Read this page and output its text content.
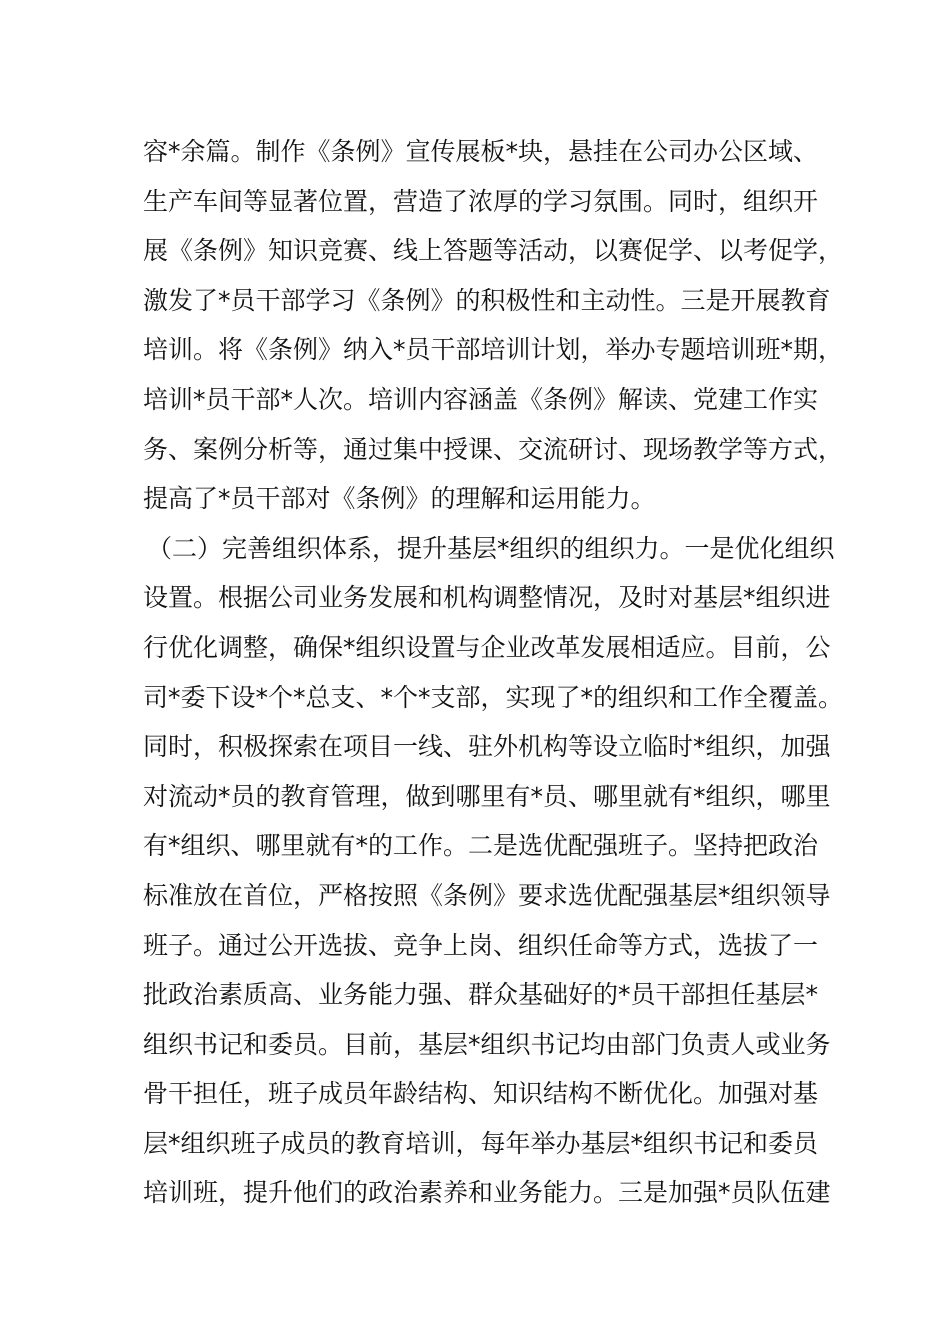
容*余篇。制作《条例》宣传展板*块，悬挂在公司办公区域、
生产车间等显著位置，营造了浓厚的学习氛围。同时，组织开
展《条例》知识竞赛、线上答题等活动，以赛促学、以考促学，
激发了*员干部学习《条例》的积极性和主动性。三是开展教育
培训。将《条例》纳入*员干部培训计划，举办专题培训班*期，
培训*员干部*人次。培训内容涵盖《条例》解读、党建工作实
务、案例分析等，通过集中授课、交流研讨、现场教学等方式，
提高了*员干部对《条例》的理解和运用能力。
（二）完善组织体系，提升基层*组织的组织力。一是优化组织
设置。根据公司业务发展和机构调整情况，及时对基层*组织进
行优化调整，确保*组织设置与企业改革发展相适应。目前，公
司*委下设*个*总支、*个*支部，实现了*的组织和工作全覆盖。
同时，积极探索在项目一线、驻外机构等设立临时*组织，加强
对流动*员的教育管理，做到哪里有*员、哪里就有*组织，哪里
有*组织、哪里就有*的工作。二是选优配强班子。坚持把政治
标准放在首位，严格按照《条例》要求选优配强基层*组织领导
班子。通过公开选拔、竞争上岗、组织任命等方式，选拔了一
批政治素质高、业务能力强、群众基础好的*员干部担任基层*
组织书记和委员。目前，基层*组织书记均由部门负责人或业务
骨干担任，班子成员年龄结构、知识结构不断优化。加强对基
层*组织班子成员的教育培训，每年举办基层*组织书记和委员
培训班，提升他们的政治素养和业务能力。三是加强*员队伍建
